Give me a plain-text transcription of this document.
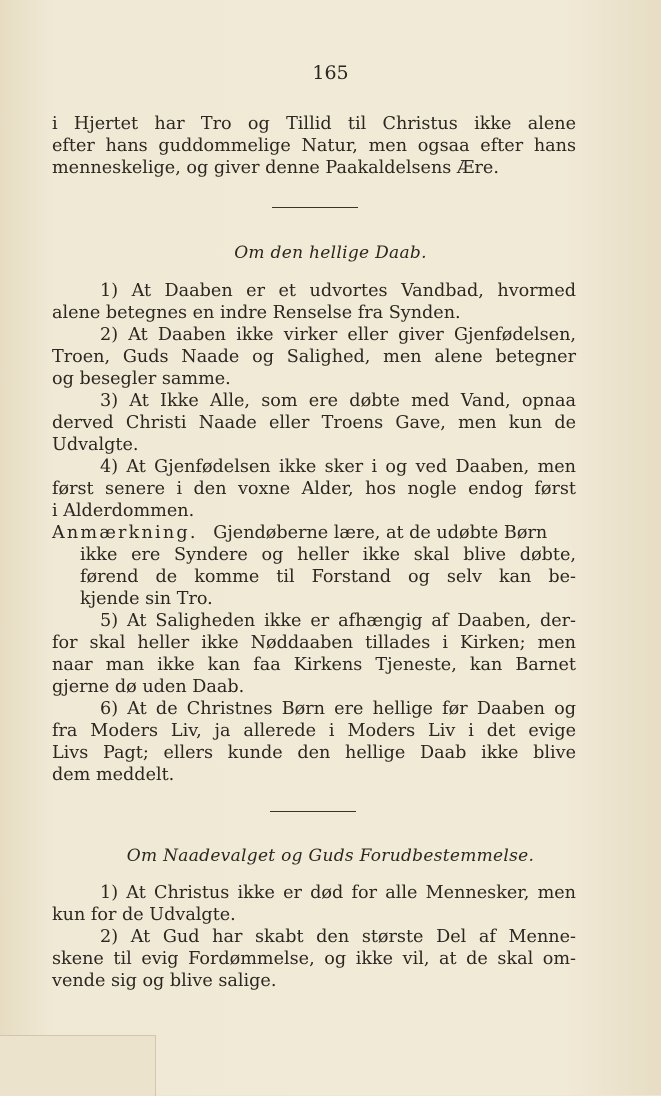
165
i Hjertet har Tro og Tillid til Christus ikke alene
efter hans guddommelige Natur, men ogsaa efter hans
menneskelige, og giver denne Paakaldelsens Ære.
Om den hellige Daab.
1) At Daaben er et udvortes Vandbad, hvormed
alene betegnes en indre Renselse fra Synden.
2) At Daaben ikke virker eller giver Gjenfødelsen,
Troen, Guds Naade og Salighed, men alene betegner
og besegler samme.
3) At Ikke Alle, som ere døbte med Vand, opnaa
derved Christi Naade eller Troens Gave, men kun de
Udvalgte.
4) At Gjenfødelsen ikke sker i og ved Daaben, men
først senere i den voxne Alder, hos nogle endog først
i Alderdommen.
Anmærkning. Gjendøberne lære, at de udøbte Børn
ikke ere Syndere og heller ikke skal blive døbte,
førend de komme til Forstand og selv kan be-
kjende sin Tro.
5) At Saligheden ikke er afhængig af Daaben, der-
for skal heller ikke Nøddaaben tillades i Kirken; men
naar man ikke kan faa Kirkens Tjeneste, kan Barnet
gjerne dø uden Daab.
6) At de Christnes Børn ere hellige før Daaben og
fra Moders Liv, ja allerede i Moders Liv i det evige
Livs Pagt; ellers kunde den hellige Daab ikke blive
dem meddelt.
Om Naadevalget og Guds Forudbestemmelse.
1) At Christus ikke er død for alle Mennesker, men
kun for de Udvalgte.
2) At Gud har skabt den største Del af Menne-
skene til evig Fordømmelse, og ikke vil, at de skal om-
vende sig og blive salige.
